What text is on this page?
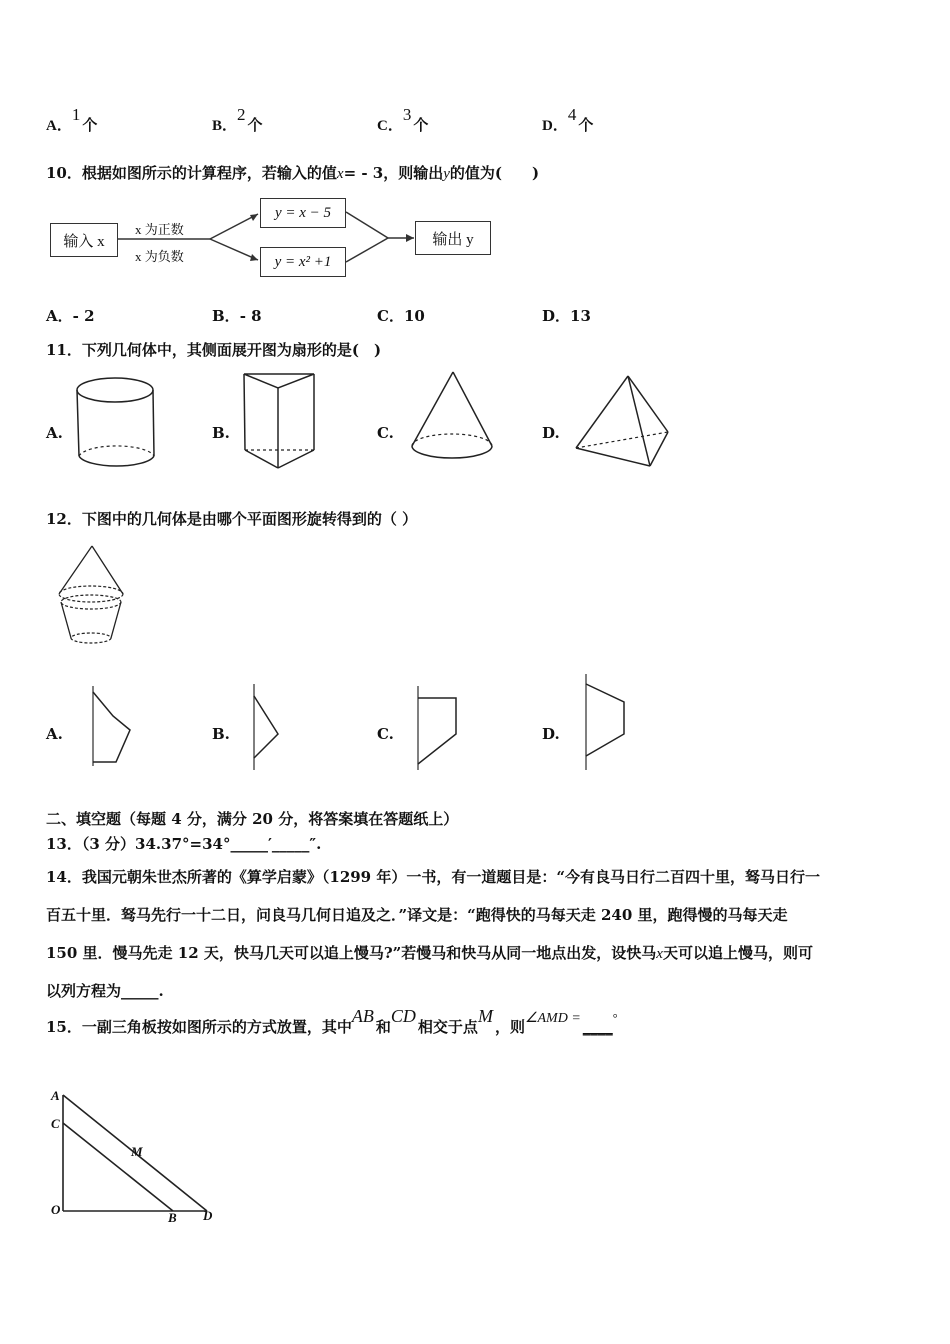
A．1个	B．2个	C．3个	D．4个
10．根据如图所示的计算程序，若输入的值x= - 3，则输出y的值为(　　)
输入 x
x 为正数
x 为负数
y = x − 5
y = x² +1
输出 y
A．- 2	B．- 8	C．10	D．13
11．下列几何体中，其侧面展开图为扇形的是(　)
A.	B.	C.	D.
12．下图中的几何体是由哪个平面图形旋转得到的（ ）
A.	B.	C.	D.
二、填空题（每题 4 分，满分 20 分，将答案填在答题纸上）
13．（3 分）34.37°=34°_____′_____″.
14．我国元朝朱世杰所著的《算学启蒙》（1299 年）一书，有一道题目是：“今有良马日行二百四十里，驽马日行一
百五十里．驽马先行一十二日，问良马几何日追及之．”译文是：“跑得快的马每天走 240 里，跑得慢的马每天走
150 里．慢马先走 12 天，快马几天可以追上慢马?”若慢马和快马从同一地点出发，设快马x天可以追上慢马，则可
以列方程为_____.
15．一副三角板按如图所示的方式放置，其中AB和CD相交于点M，则∠AMD = ____°
A
C
M
O
B D
